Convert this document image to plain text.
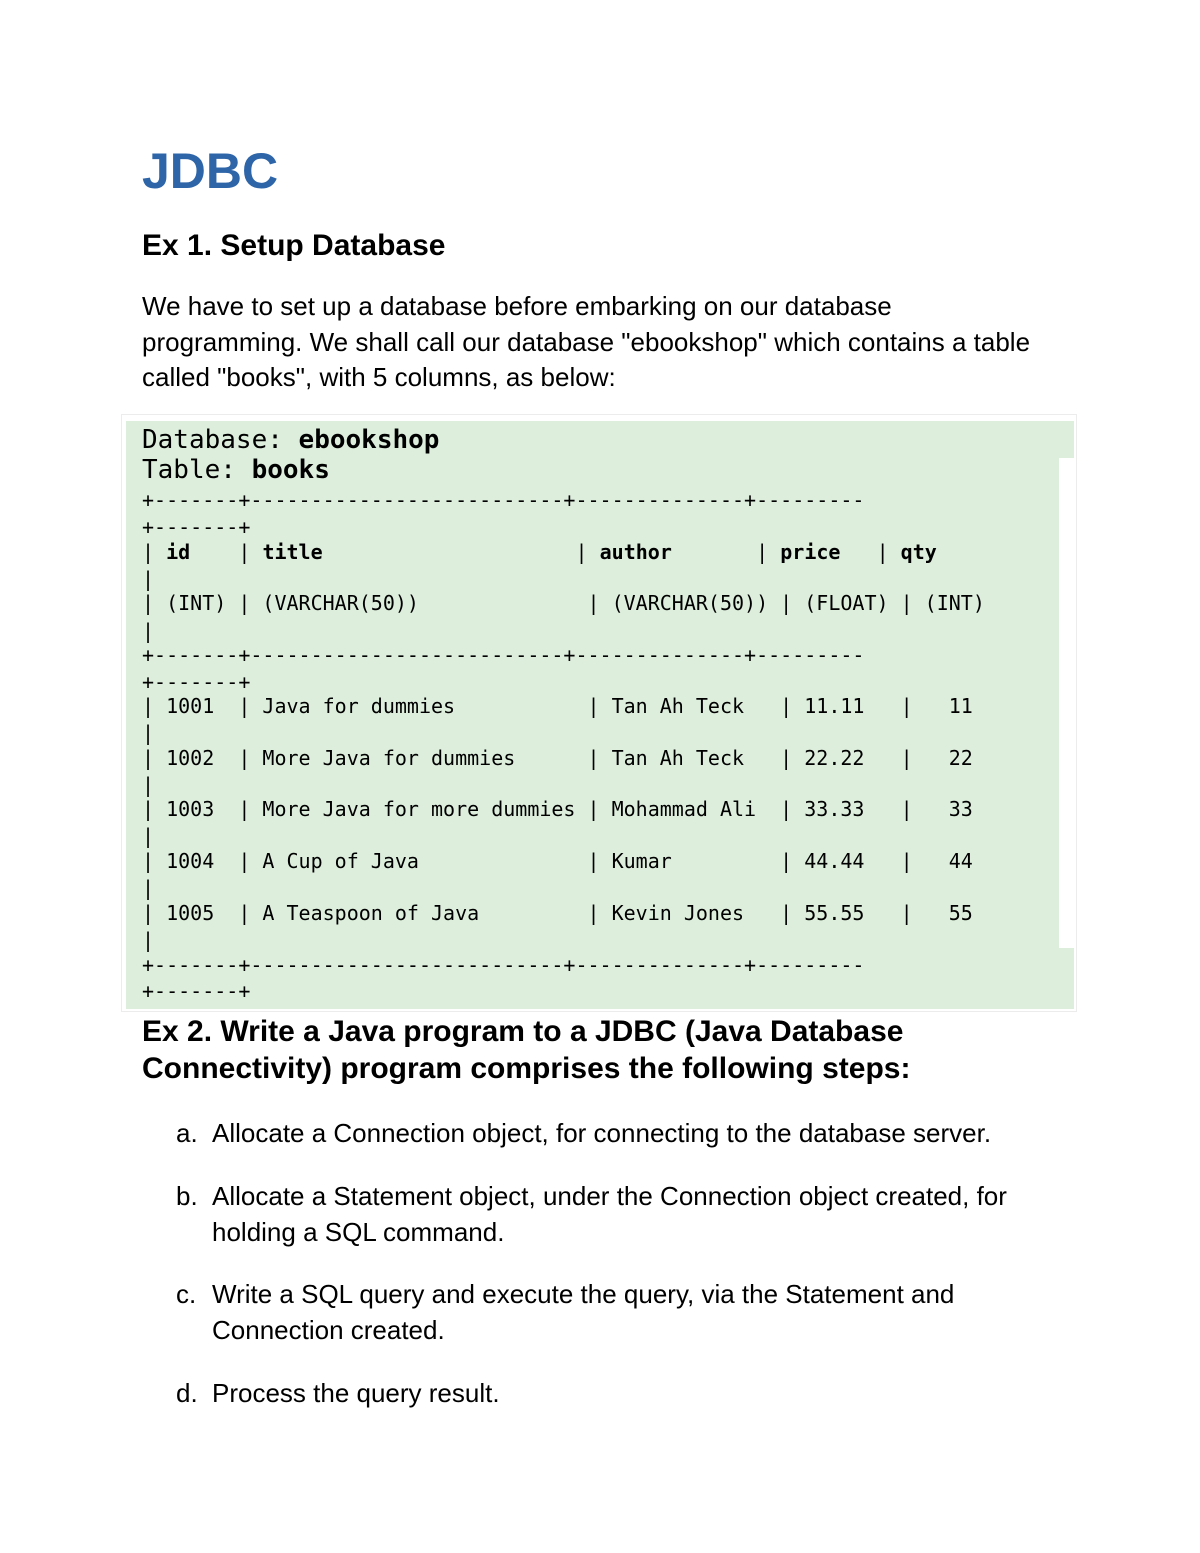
JDBC
Ex 1. Setup Database

We have to set up a database before embarking on our database programming. We shall call our database "ebookshop" which contains a table called "books", with 5 columns, as below:

Database: ebookshop
Table: books
+-------+--------------------------+--------------+---------
+-------+
| id    | title                     | author       | price   | qty
|
| (INT) | (VARCHAR(50))              | (VARCHAR(50)) | (FLOAT) | (INT)
|
+-------+--------------------------+--------------+---------
+-------+
| 1001  | Java for dummies           | Tan Ah Teck   | 11.11   |   11
|
| 1002  | More Java for dummies      | Tan Ah Teck   | 22.22   |   22
|
| 1003  | More Java for more dummies | Mohammad Ali  | 33.33   |   33
|
| 1004  | A Cup of Java              | Kumar         | 44.44   |   44
|
| 1005  | A Teaspoon of Java         | Kevin Jones   | 55.55   |   55
|
+-------+--------------------------+--------------+---------
+-------+
Ex 2. Write a Java program to a JDBC (Java Database Connectivity) program comprises the following steps:
a. Allocate a Connection object, for connecting to the database server.
b. Allocate a Statement object, under the Connection object created, for holding a SQL command.
c. Write a SQL query and execute the query, via the Statement and Connection created.
d. Process the query result.
